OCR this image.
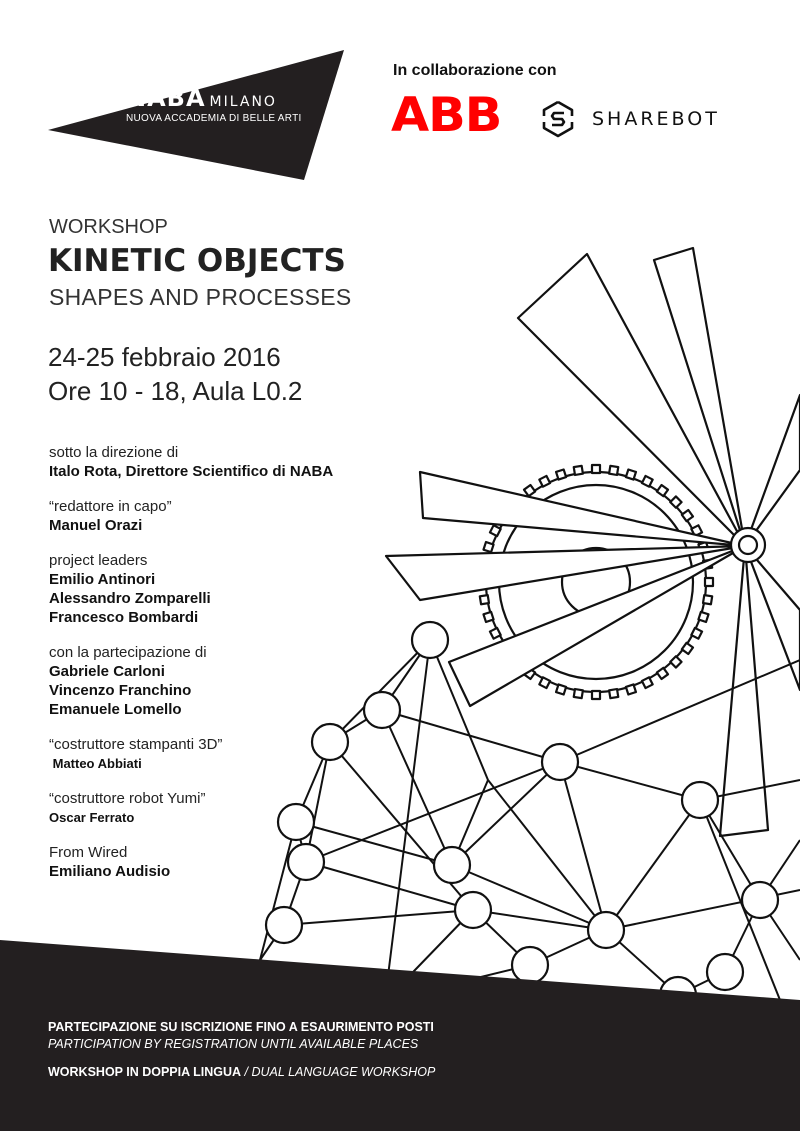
NABA MILANO
NUOVA ACCADEMIA DI BELLE ARTI
In collaborazione con
ABB	SHAREBOT
WORKSHOP
KINETIC OBJECTS
SHAPES AND PROCESSES
24-25 febbraio 2016
Ore 10 - 18, Aula L0.2
sotto la direzione di
Italo Rota, Direttore Scientifico di NABA
“redattore in capo”
Manuel Orazi
project leaders
Emilio Antinori
Alessandro Zomparelli
Francesco Bombardi
con la partecipazione di
Gabriele Carloni
Vincenzo Franchino
Emanuele Lomello
“costruttore stampanti 3D”
Matteo Abbiati
“costruttore robot Yumi”
Oscar Ferrato
From Wired
Emiliano Audisio
PARTECIPAZIONE SU ISCRIZIONE FINO A ESAURIMENTO POSTI
PARTICIPATION BY REGISTRATION UNTIL AVAILABLE PLACES
WORKSHOP IN DOPPIA LINGUA / DUAL LANGUAGE WORKSHOP
